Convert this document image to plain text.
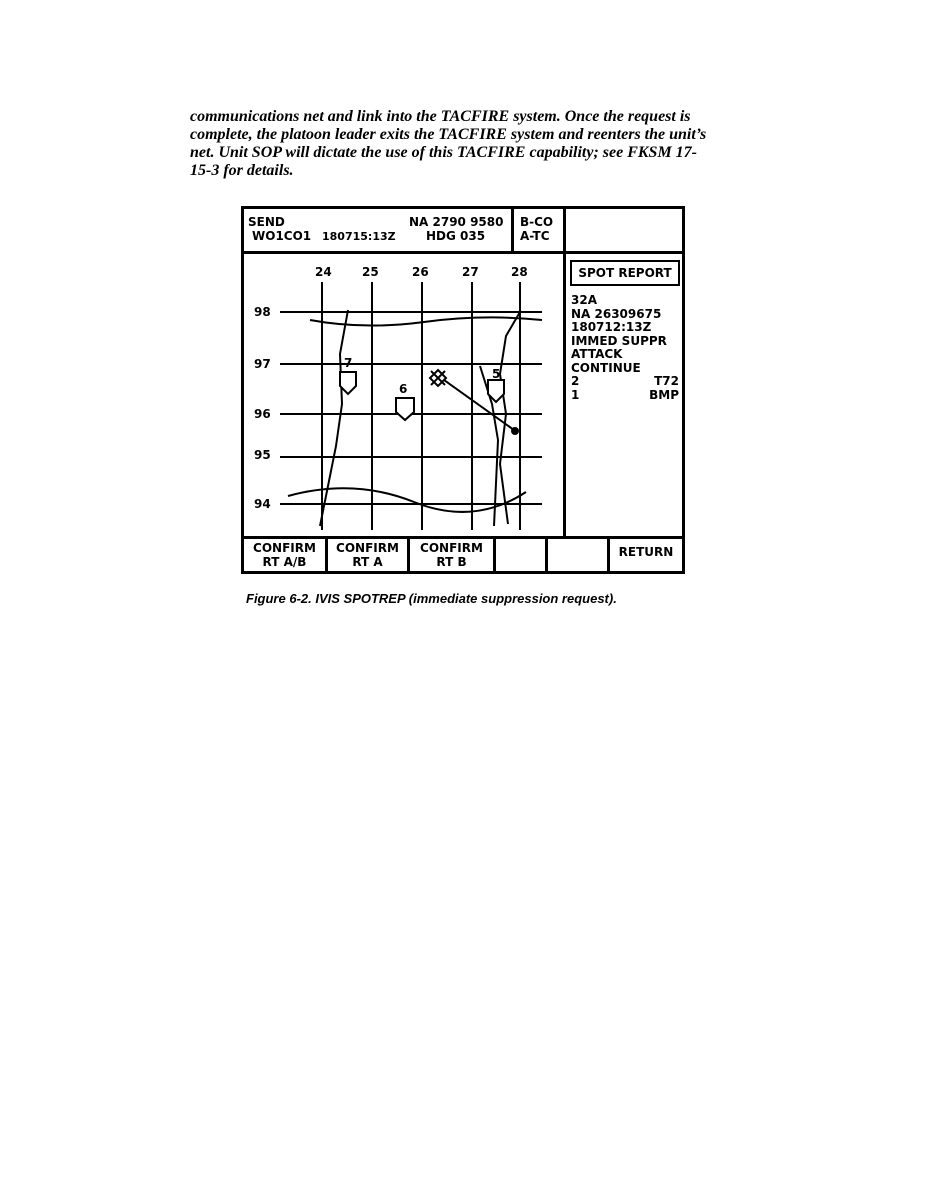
communications net and link into the TACFIRE system. Once the request is
complete, the platoon leader exits the TACFIRE system and reenters the unit’s
net. Unit SOP will dictate the use of this TACFIRE capability; see FKSM 17-
15-3 for details.
SEND
WO1CO1 180715:13Z
NA 2790 9580
HDG 035
B-CO
A-TC
24	25	26	27	28
98
97
96
95
94
7
6
5
SPOT REPORT
32A
NA 26309675
180712:13Z
IMMED SUPPR
ATTACK
CONTINUE
2	T72
1	BMP
CONFIRM
RT A/B
CONFIRM
RT A
CONFIRM
RT B
RETURN
Figure 6-2. IVIS SPOTREP (immediate suppression request).
